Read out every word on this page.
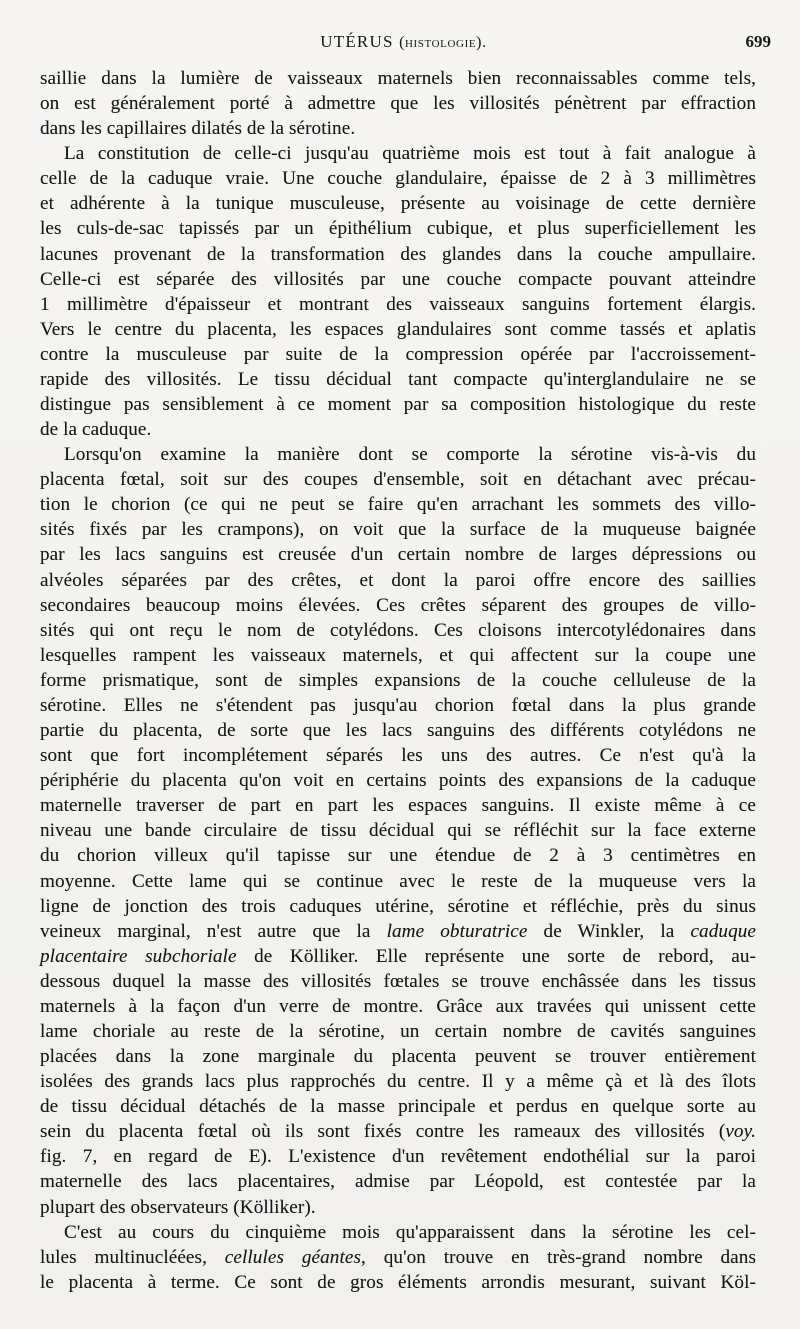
UTÉRUS (histologie).	699
saillie dans la lumière de vaisseaux maternels bien reconnaissables comme tels,
on est généralement porté à admettre que les villosités pénètrent par effraction
dans les capillaires dilatés de la sérotine.
La constitution de celle-ci jusqu'au quatrième mois est tout à fait analogue à
celle de la caduque vraie. Une couche glandulaire, épaisse de 2 à 3 millimètres
et adhérente à la tunique musculeuse, présente au voisinage de cette dernière
les culs-de-sac tapissés par un épithélium cubique, et plus superficiellement les
lacunes provenant de la transformation des glandes dans la couche ampullaire.
Celle-ci est séparée des villosités par une couche compacte pouvant atteindre
1 millimètre d'épaisseur et montrant des vaisseaux sanguins fortement élargis.
Vers le centre du placenta, les espaces glandulaires sont comme tassés et aplatis
contre la musculeuse par suite de la compression opérée par l'accroissement-
rapide des villosités. Le tissu décidual tant compacte qu'interglandulaire ne se
distingue pas sensiblement à ce moment par sa composition histologique du reste
de la caduque.
Lorsqu'on examine la manière dont se comporte la sérotine vis-à-vis du
placenta fœtal, soit sur des coupes d'ensemble, soit en détachant avec précau-
tion le chorion (ce qui ne peut se faire qu'en arrachant les sommets des villo-
sités fixés par les crampons), on voit que la surface de la muqueuse baignée
par les lacs sanguins est creusée d'un certain nombre de larges dépressions ou
alvéoles séparées par des crêtes, et dont la paroi offre encore des saillies
secondaires beaucoup moins élevées. Ces crêtes séparent des groupes de villo-
sités qui ont reçu le nom de cotylédons. Ces cloisons intercotylédonaires dans
lesquelles rampent les vaisseaux maternels, et qui affectent sur la coupe une
forme prismatique, sont de simples expansions de la couche celluleuse de la
sérotine. Elles ne s'étendent pas jusqu'au chorion fœtal dans la plus grande
partie du placenta, de sorte que les lacs sanguins des différents cotylédons ne
sont que fort incomplétement séparés les uns des autres. Ce n'est qu'à la
périphérie du placenta qu'on voit en certains points des expansions de la caduque
maternelle traverser de part en part les espaces sanguins. Il existe même à ce
niveau une bande circulaire de tissu décidual qui se réfléchit sur la face externe
du chorion villeux qu'il tapisse sur une étendue de 2 à 3 centimètres en
moyenne. Cette lame qui se continue avec le reste de la muqueuse vers la
ligne de jonction des trois caduques utérine, sérotine et réfléchie, près du sinus
veineux marginal, n'est autre que la lame obturatrice de Winkler, la caduque
placentaire subchoriale de Kölliker. Elle représente une sorte de rebord, au-
dessous duquel la masse des villosités fœtales se trouve enchâssée dans les tissus
maternels à la façon d'un verre de montre. Grâce aux travées qui unissent cette
lame choriale au reste de la sérotine, un certain nombre de cavités sanguines
placées dans la zone marginale du placenta peuvent se trouver entièrement
isolées des grands lacs plus rapprochés du centre. Il y a même çà et là des îlots
de tissu décidual détachés de la masse principale et perdus en quelque sorte au
sein du placenta fœtal où ils sont fixés contre les rameaux des villosités (voy.
fig. 7, en regard de E). L'existence d'un revêtement endothélial sur la paroi
maternelle des lacs placentaires, admise par Léopold, est contestée par la
plupart des observateurs (Kölliker).
C'est au cours du cinquième mois qu'apparaissent dans la sérotine les cel-
lules multinucléées, cellules géantes, qu'on trouve en très-grand nombre dans
le placenta à terme. Ce sont de gros éléments arrondis mesurant, suivant Köl-
